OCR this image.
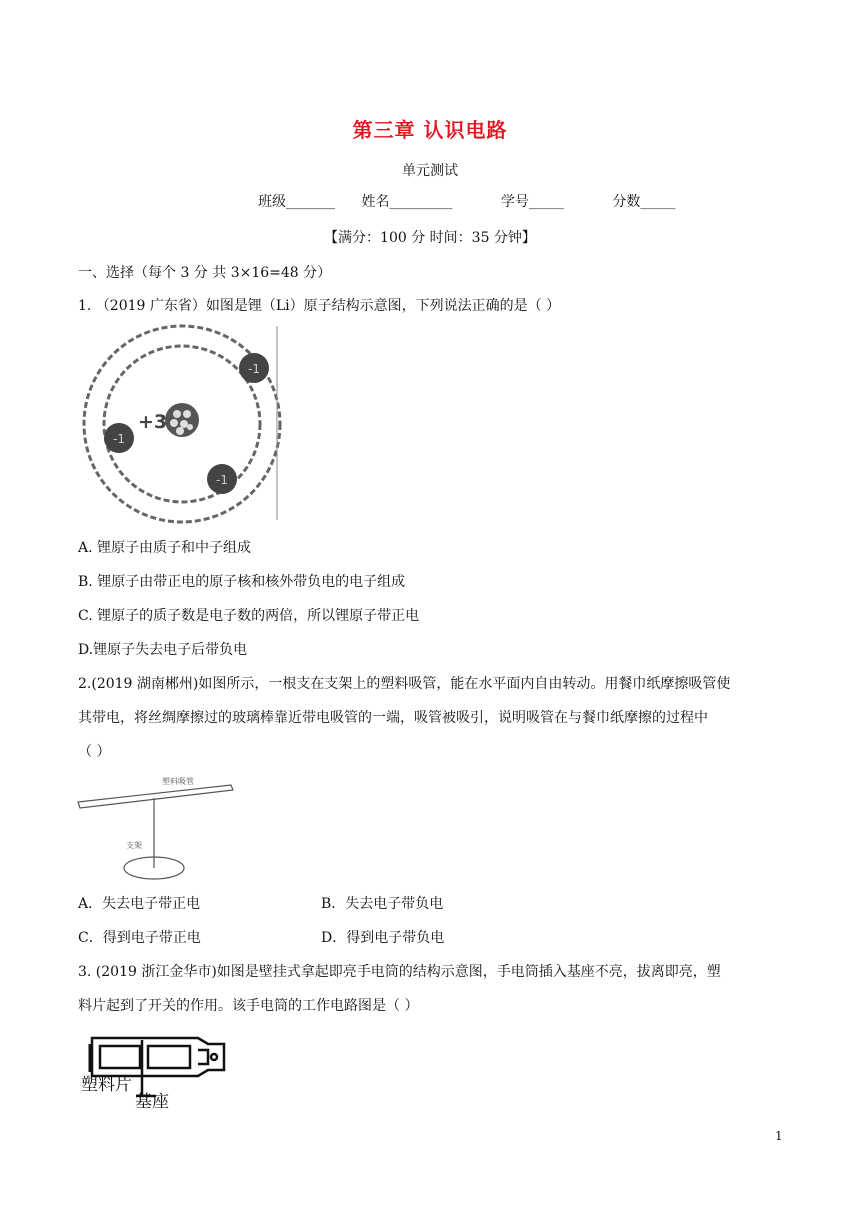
第三章 认识电路
单元测试
班级_______ 姓名_________	学号_____	分数_____
【满分：100 分 时间：35 分钟】
一、选择（每个 3 分 共 3×16=48 分）
1. （2019 广东省）如图是锂（Li）原子结构示意图，下列说法正确的是（ ）
+3
-1
-1
-1
A. 锂原子由质子和中子组成
B. 锂原子由带正电的原子核和核外带负电的电子组成
C. 锂原子的质子数是电子数的两倍，所以锂原子带正电
D.锂原子失去电子后带负电
2.(2019 湖南郴州)如图所示，一根支在支架上的塑料吸管，能在水平面内自由转动。用餐巾纸摩擦吸管使
其带电，将丝绸摩擦过的玻璃棒靠近带电吸管的一端，吸管被吸引，说明吸管在与餐巾纸摩擦的过程中
（ ）
塑料吸管
支架
A．失去电子带正电	B．失去电子带负电
C．得到电子带正电	D．得到电子带负电
3. (2019 浙江金华市)如图是壁挂式拿起即亮手电筒的结构示意图，手电筒插入基座不亮，拔离即亮，塑
料片起到了开关的作用。该手电筒的工作电路图是（ ）
塑料片
基座
1
